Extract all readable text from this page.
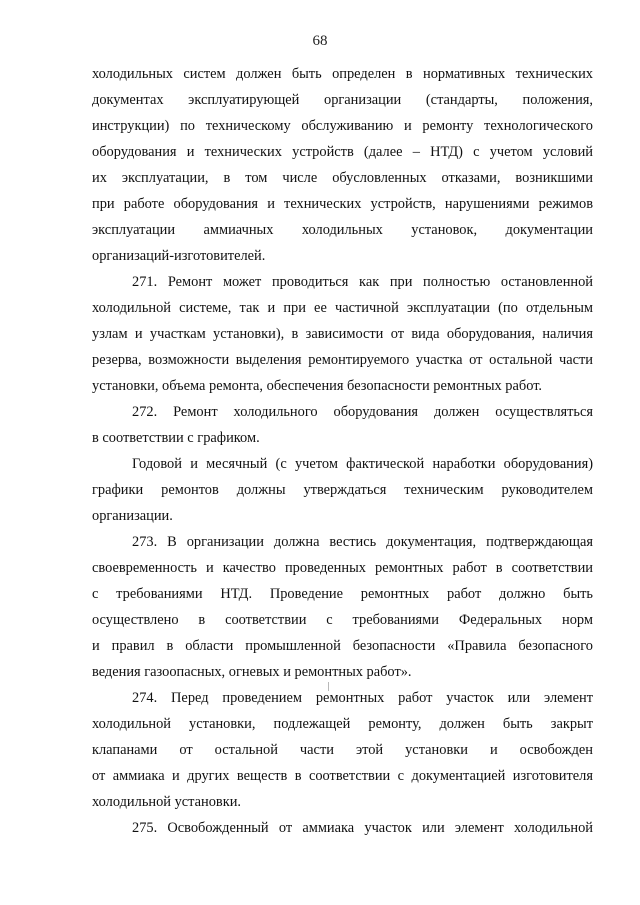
68
холодильных систем должен быть определен в нормативных технических
документах эксплуатирующей организации (стандарты, положения,
инструкции) по техническому обслуживанию и ремонту технологического
оборудования и технических устройств (далее – НТД) с учетом условий
их эксплуатации, в том числе обусловленных отказами, возникшими
при работе оборудования и технических устройств, нарушениями режимов
эксплуатации аммиачных холодильных установок, документации
организаций-изготовителей.
271. Ремонт может проводиться как при полностью остановленной
холодильной системе, так и при ее частичной эксплуатации (по отдельным
узлам и участкам установки), в зависимости от вида оборудования, наличия
резерва, возможности выделения ремонтируемого участка от остальной части
установки, объема ремонта, обеспечения безопасности ремонтных работ.
272. Ремонт холодильного оборудования должен осуществляться
в соответствии с графиком.
Годовой и месячный (с учетом фактической наработки оборудования)
графики ремонтов должны утверждаться техническим руководителем
организации.
273. В организации должна вестись документация, подтверждающая
своевременность и качество проведенных ремонтных работ в соответствии
с требованиями НТД. Проведение ремонтных работ должно быть
осуществлено в соответствии с требованиями Федеральных норм
и правил в области промышленной безопасности «Правила безопасного
ведения газоопасных, огневых и ремонтных работ».
274. Перед проведением ремонтных работ участок или элемент
холодильной установки, подлежащей ремонту, должен быть закрыт
клапанами от остальной части этой установки и освобожден
от аммиака и других веществ в соответствии с документацией изготовителя
холодильной установки.
275. Освобожденный от аммиака участок или элемент холодильной
